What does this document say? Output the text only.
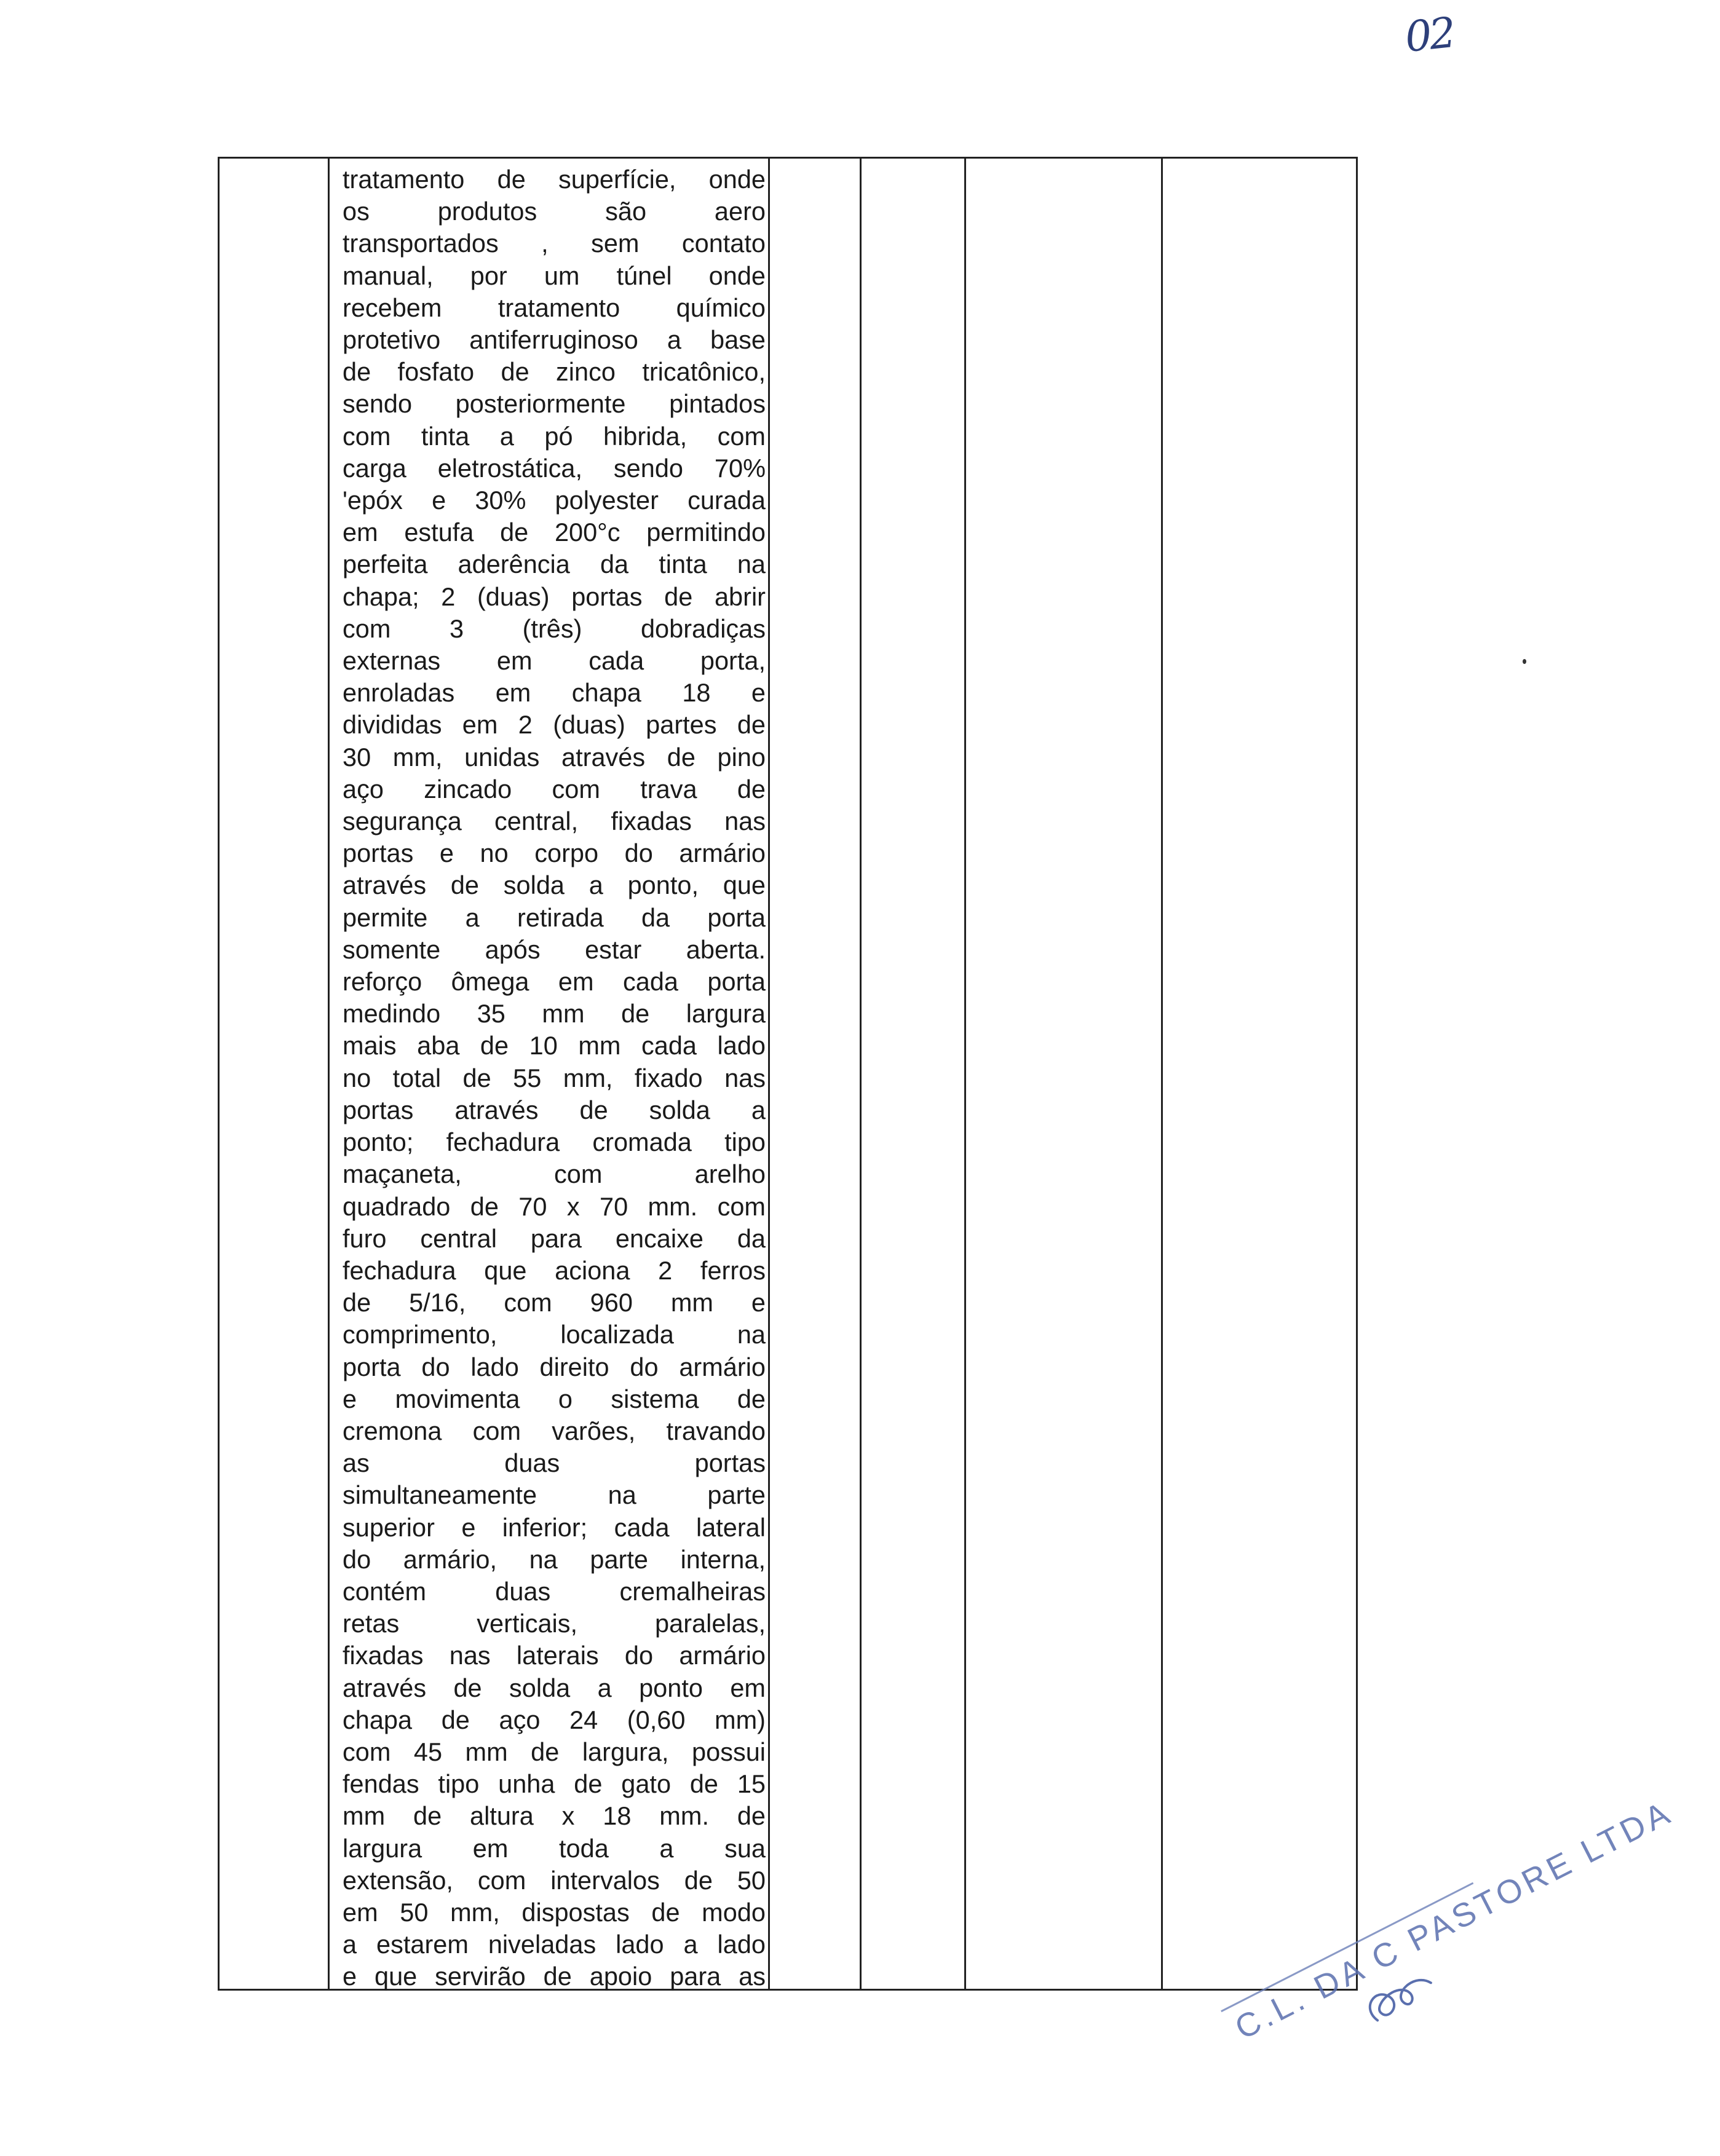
02
tratamento de superfície, onde
os produtos são aero
transportados , sem contato
manual, por um túnel onde
recebem tratamento químico
protetivo antiferruginoso a base
de fosfato de zinco tricatônico,
sendo posteriormente pintados
com tinta a pó hibrida, com
carga eletrostática, sendo 70%
'epóx e 30% polyester curada
em estufa de 200°c permitindo
perfeita aderência da tinta na
chapa; 2 (duas) portas de abrir
com 3 (três) dobradiças
externas em cada porta,
enroladas em chapa 18 e
divididas em 2 (duas) partes de
30 mm, unidas através de pino
aço zincado com trava de
segurança central, fixadas nas
portas e no corpo do armário
através de solda a ponto, que
permite a retirada da porta
somente após estar aberta.
reforço ômega em cada porta
medindo 35 mm de largura
mais aba de 10 mm cada lado
no total de 55 mm, fixado nas
portas através de solda a
ponto; fechadura cromada tipo
maçaneta, com arelho
quadrado de 70 x 70 mm. com
furo central para encaixe da
fechadura que aciona 2 ferros
de 5/16, com 960 mm e
comprimento, localizada na
porta do lado direito do armário
e movimenta o sistema de
cremona com varões, travando
as duas portas
simultaneamente na parte
superior e inferior; cada lateral
do armário, na parte interna,
contém duas cremalheiras
retas verticais, paralelas,
fixadas nas laterais do armário
através de solda a ponto em
chapa de aço 24 (0,60 mm)
com 45 mm de largura, possui
fendas tipo unha de gato de 15
mm de altura x 18 mm. de
largura em toda a sua
extensão, com intervalos de 50
em 50 mm, dispostas de modo
a estarem niveladas lado a lado
e que servirão de apoio para as	C.L. DA C PASTORE LTDA
